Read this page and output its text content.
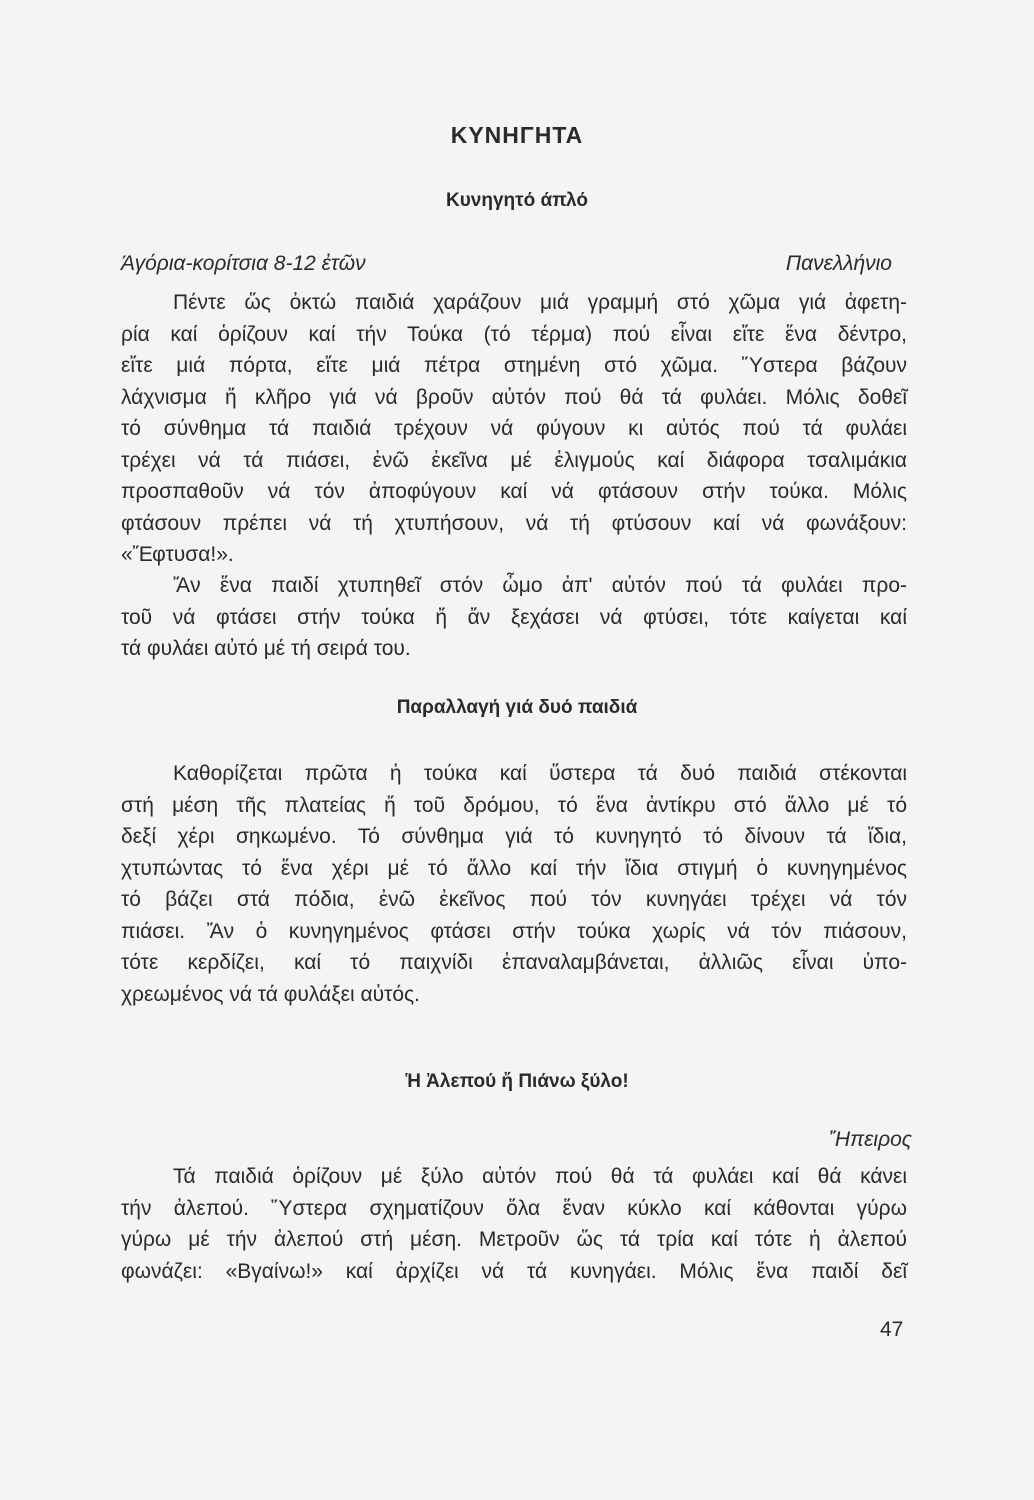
ΚΥΝΗΓΗΤΑ
Κυνηγητό άπλό
Άγόρια-κορίτσια 8-12 ἐτῶν	Πανελλήνιο
Πέντε ὥς ὀκτώ παιδιά χαράζουν μιά γραμμή στό χῶμα γιά ἀφετη-
ρία καί ὁρίζουν καί τήν Τούκα (τό τέρμα) πού εἶναι εἴτε ἕνα δέντρο,
εἴτε μιά πόρτα, εἴτε μιά πέτρα στημένη στό χῶμα. Ὕστερα βάζουν
λάχνισμα ἤ κλῆρο γιά νά βροῦν αὐτόν πού θά τά φυλάει. Μόλις δοθεῖ
τό σύνθημα τά παιδιά τρέχουν νά φύγουν κι αὐτός πού τά φυλάει
τρέχει νά τά πιάσει, ἐνῶ ἐκεῖνα μέ ἑλιγμούς καί διάφορα τσαλιμάκια
προσπαθοῦν νά τόν ἀποφύγουν καί νά φτάσουν στήν τούκα. Μόλις
φτάσουν πρέπει νά τή χτυπήσουν, νά τή φτύσουν καί νά φωνάξουν:
«Ἔφτυσα!».
Ἄν ἕνα παιδί χτυπηθεῖ στόν ὦμο ἀπ' αὐτόν πού τά φυλάει προ-
τοῦ νά φτάσει στήν τούκα ἤ ἄν ξεχάσει νά φτύσει, τότε καίγεται καί
τά φυλάει αὐτό μέ τή σειρά του.
Παραλλαγή γιά δυό παιδιά
Καθορίζεται πρῶτα ἡ τούκα καί ὕστερα τά δυό παιδιά στέκονται
στή μέση τῆς πλατείας ἤ τοῦ δρόμου, τό ἕνα ἀντίκρυ στό ἄλλο μέ τό
δεξί χέρι σηκωμένο. Τό σύνθημα γιά τό κυνηγητό τό δίνουν τά ἴδια,
χτυπώντας τό ἕνα χέρι μέ τό ἄλλο καί τήν ἴδια στιγμή ὁ κυνηγημένος
τό βάζει στά πόδια, ἐνῶ ἐκεῖνος πού τόν κυνηγάει τρέχει νά τόν
πιάσει. Ἄν ὁ κυνηγημένος φτάσει στήν τούκα χωρίς νά τόν πιάσουν,
τότε κερδίζει, καί τό παιχνίδι ἐπαναλαμβάνεται, ἀλλιῶς εἶναι ὑπο-
χρεωμένος νά τά φυλάξει αὐτός.
Ἡ Ἀλεπού ἤ Πιάνω ξύλο!
Ἤπειρος
Τά παιδιά ὁρίζουν μέ ξύλο αὐτόν πού θά τά φυλάει καί θά κάνει
τήν ἀλεπού. Ὕστερα σχηματίζουν ὅλα ἕναν κύκλο καί κάθονται γύρω
γύρω μέ τήν ἀλεπού στή μέση. Μετροῦν ὥς τά τρία καί τότε ἡ ἀλεπού
φωνάζει: «Βγαίνω!» καί ἀρχίζει νά τά κυνηγάει. Μόλις ἕνα παιδί δεῖ
47
